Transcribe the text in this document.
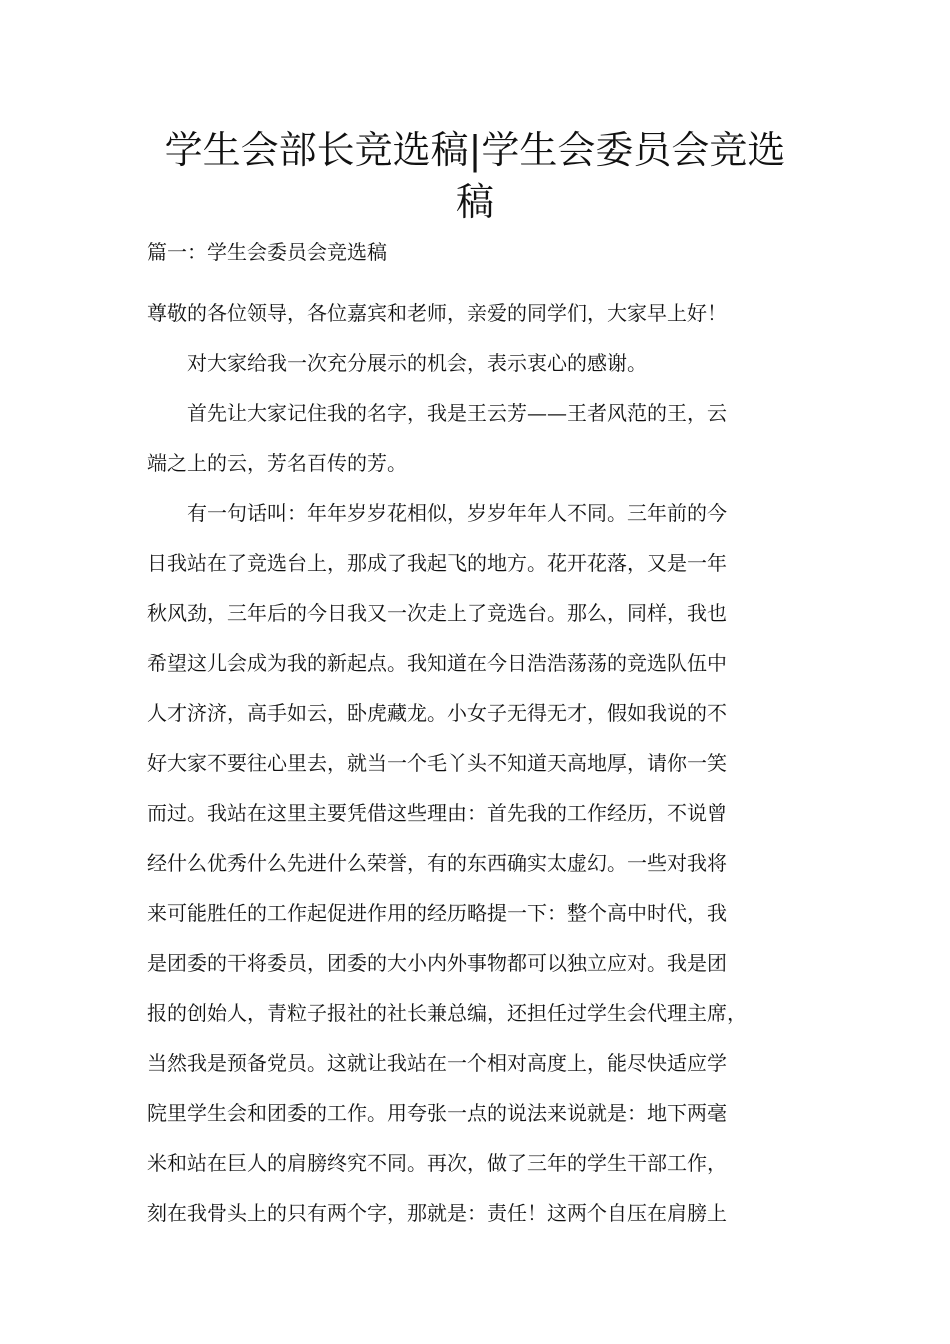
学生会部长竞选稿|学生会委员会竞选
稿
篇一：学生会委员会竞选稿
尊敬的各位领导，各位嘉宾和老师，亲爱的同学们，大家早上好！
　　对大家给我一次充分展示的机会，表示衷心的感谢。
　　首先让大家记住我的名字，我是王云芳——王者风范的王，云
端之上的云，芳名百传的芳。
　　有一句话叫：年年岁岁花相似，岁岁年年人不同。三年前的今
日我站在了竞选台上，那成了我起飞的地方。花开花落，又是一年
秋风劲，三年后的今日我又一次走上了竞选台。那么，同样，我也
希望这儿会成为我的新起点。我知道在今日浩浩荡荡的竞选队伍中
人才济济，高手如云，卧虎藏龙。小女子无得无才，假如我说的不
好大家不要往心里去，就当一个毛丫头不知道天高地厚，请你一笑
而过。我站在这里主要凭借这些理由：首先我的工作经历，不说曾
经什么优秀什么先进什么荣誉，有的东西确实太虚幻。一些对我将
来可能胜任的工作起促进作用的经历略提一下：整个高中时代，我
是团委的干将委员，团委的大小内外事物都可以独立应对。我是团
报的创始人，青粒子报社的社长兼总编，还担任过学生会代理主席，
当然我是预备党员。这就让我站在一个相对高度上，能尽快适应学
院里学生会和团委的工作。用夸张一点的说法来说就是：地下两毫
米和站在巨人的肩膀终究不同。再次，做了三年的学生干部工作，
刻在我骨头上的只有两个字，那就是：责任！这两个自压在肩膀上
